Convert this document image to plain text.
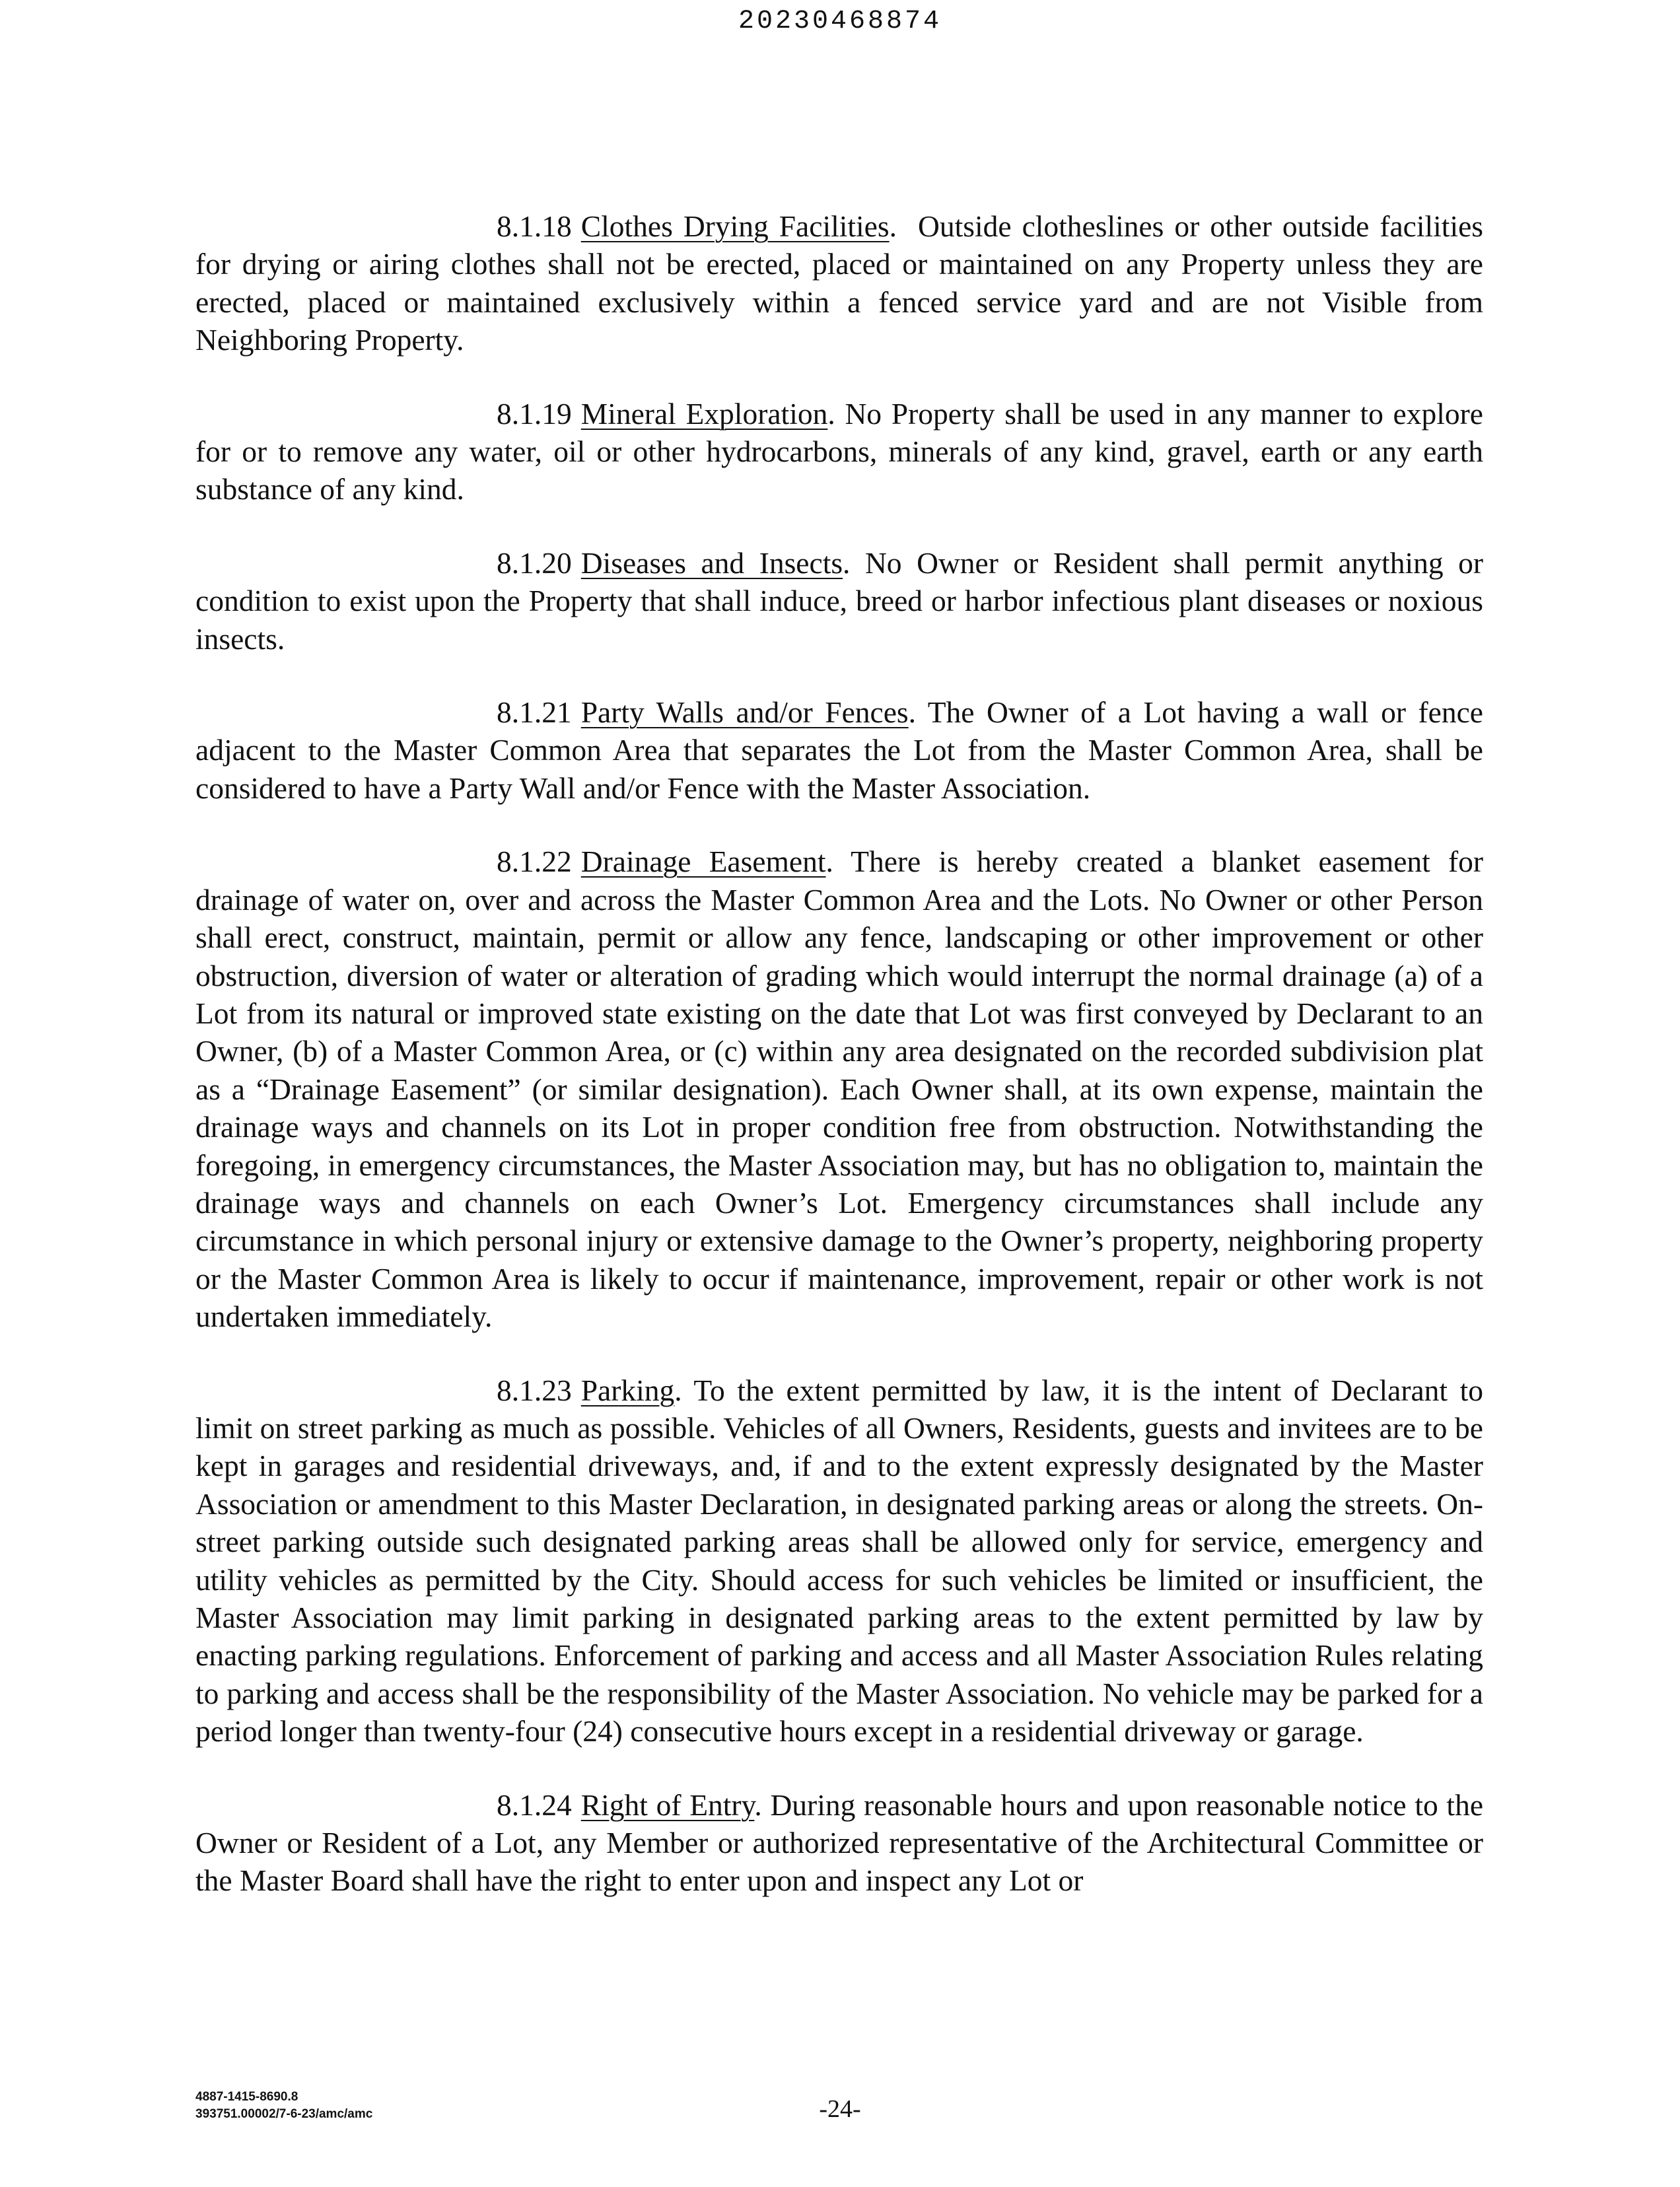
20230468874

8.1.18 Clothes Drying Facilities.  Outside clotheslines or other outside facilities for drying or airing clothes shall not be erected, placed or maintained on any Property unless they are erected, placed or maintained exclusively within a fenced service yard and are not Visible from Neighboring Property.

8.1.19 Mineral Exploration. No Property shall be used in any manner to explore for or to remove any water, oil or other hydrocarbons, minerals of any kind, gravel, earth or any earth substance of any kind.

8.1.20 Diseases and Insects. No Owner or Resident shall permit anything or condition to exist upon the Property that shall induce, breed or harbor infectious plant diseases or noxious insects.

8.1.21 Party Walls and/or Fences. The Owner of a Lot having a wall or fence adjacent to the Master Common Area that separates the Lot from the Master Common Area, shall be considered to have a Party Wall and/or Fence with the Master Association.

8.1.22 Drainage Easement. There is hereby created a blanket easement for drainage of water on, over and across the Master Common Area and the Lots. No Owner or other Person shall erect, construct, maintain, permit or allow any fence, landscaping or other improvement or other obstruction, diversion of water or alteration of grading which would interrupt the normal drainage (a) of a Lot from its natural or improved state existing on the date that Lot was first conveyed by Declarant to an Owner, (b) of a Master Common Area, or (c) within any area designated on the recorded subdivision plat as a “Drainage Easement” (or similar designation). Each Owner shall, at its own expense, maintain the drainage ways and channels on its Lot in proper condition free from obstruction. Notwithstanding the foregoing, in emergency circumstances, the Master Association may, but has no obligation to, maintain the drainage ways and channels on each Owner’s Lot. Emergency circumstances shall include any circumstance in which personal injury or extensive damage to the Owner’s property, neighboring property or the Master Common Area is likely to occur if maintenance, improvement, repair or other work is not undertaken immediately.

8.1.23 Parking. To the extent permitted by law, it is the intent of Declarant to limit on street parking as much as possible. Vehicles of all Owners, Residents, guests and invitees are to be kept in garages and residential driveways, and, if and to the extent expressly designated by the Master Association or amendment to this Master Declaration, in designated parking areas or along the streets. On-street parking outside such designated parking areas shall be allowed only for service, emergency and utility vehicles as permitted by the City. Should access for such vehicles be limited or insufficient, the Master Association may limit parking in designated parking areas to the extent permitted by law by enacting parking regulations. Enforcement of parking and access and all Master Association Rules relating to parking and access shall be the responsibility of the Master Association. No vehicle may be parked for a period longer than twenty-four (24) consecutive hours except in a residential driveway or garage.

8.1.24 Right of Entry. During reasonable hours and upon reasonable notice to the Owner or Resident of a Lot, any Member or authorized representative of the Architectural Committee or the Master Board shall have the right to enter upon and inspect any Lot or

4887-1415-8690.8
393751.00002/7-6-23/amc/amc	-24-
